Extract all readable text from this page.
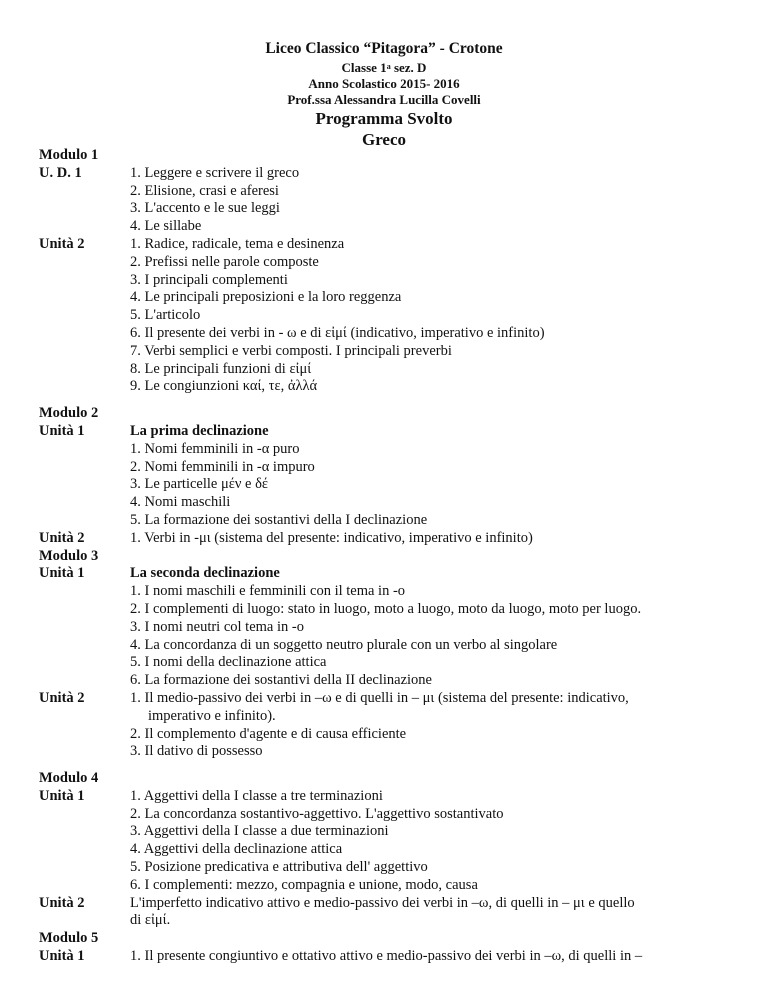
Liceo Classico “Pitagora” - Crotone
Classe 1$^a$ sez. D
Anno Scolastico 2015- 2016
Prof.ssa Alessandra Lucilla Covelli
Programma Svolto
Greco
Modulo 1
U. D. 1	1. Leggere e scrivere il greco
2. Elisione, crasi e aferesi
3. L'accento e le sue leggi
4. Le sillabe
Unità 2	1. Radice, radicale, tema e desinenza
2. Prefissi nelle parole composte
3. I principali complementi
4. Le principali preposizioni e la loro reggenza
5. L'articolo
6. Il presente dei verbi in - ω e di εἰμί (indicativo, imperativo e infinito)
7. Verbi semplici e verbi composti. I principali preverbi
8. Le principali funzioni di εἰμί
9. Le congiunzioni καί, τε, ἀλλά
Modulo 2
Unità 1	La prima declinazione
1. Nomi femminili in -α puro
2. Nomi femminili in -α impuro
3. Le particelle μέν e δέ
4. Nomi maschili
5. La formazione dei sostantivi della I declinazione
Unità 2	1. Verbi in -μι (sistema del presente: indicativo, imperativo e infinito)
Modulo 3
Unità 1	La seconda declinazione
1. I nomi maschili e femminili con il tema in -o
2. I complementi di luogo: stato in luogo, moto a luogo, moto da luogo, moto per luogo.
3. I nomi neutri col tema in -o
4. La concordanza di un soggetto neutro plurale con un verbo al singolare
5. I nomi della declinazione attica
6. La formazione dei sostantivi della II declinazione
Unità 2	1. Il medio-passivo dei verbi in –ω e di quelli in – μι (sistema del presente: indicativo,
imperativo e infinito).
2. Il complemento d'agente e di causa efficiente
3. Il dativo di possesso
Modulo 4
Unità 1	1. Aggettivi della I classe a tre terminazioni
2. La concordanza sostantivo-aggettivo. L'aggettivo sostantivato
3. Aggettivi della I classe a due terminazioni
4. Aggettivi della declinazione attica
5. Posizione predicativa e attributiva dell' aggettivo
6. I complementi: mezzo, compagnia e unione, modo, causa
Unità 2	L'imperfetto indicativo attivo e medio-passivo dei verbi in –ω, di quelli in – μι e quello
di εἰμί.
Modulo 5
Unità 1	1. Il presente congiuntivo e ottativo attivo e medio-passivo dei verbi in –ω, di quelli in –
